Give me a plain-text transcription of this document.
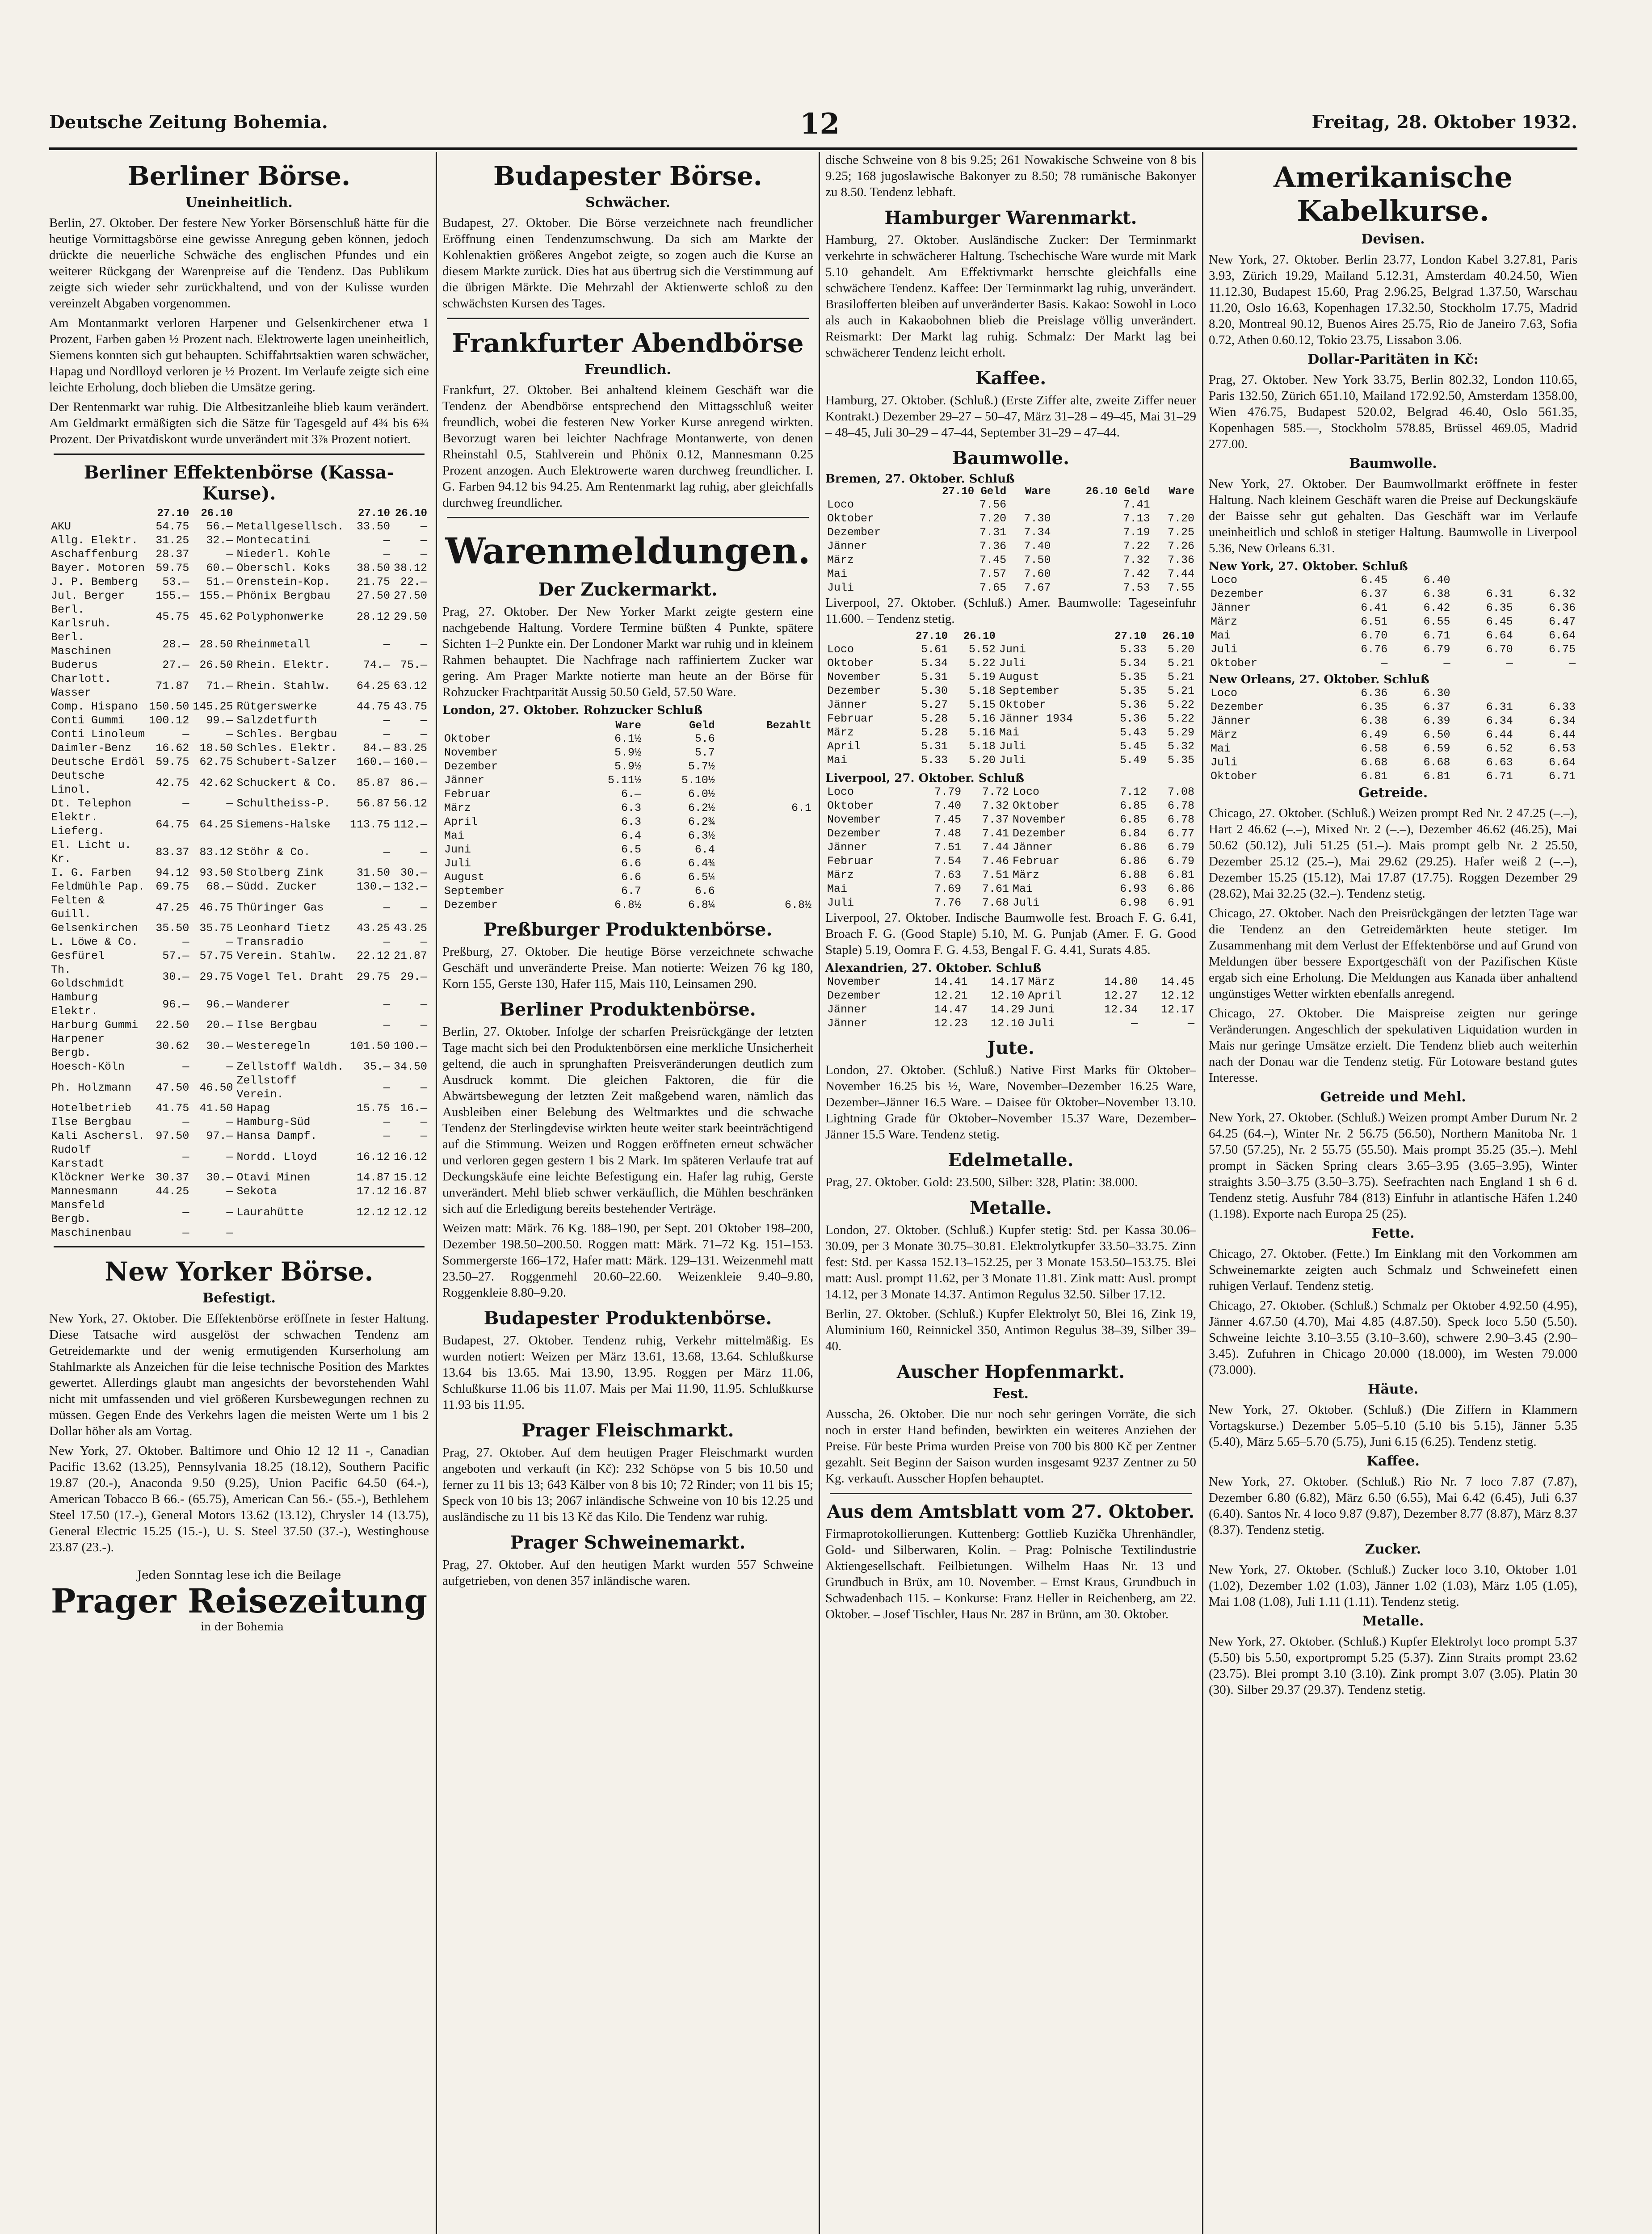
Deutsche Zeitung Bohemia.	12	Freitag, 28. Oktober 1932.
Berliner Börse.
Uneinheitlich.

Berlin, 27. Oktober. Der festere New Yorker Börsenschluß hätte für die heutige Vormittagsbörse eine gewisse Anregung geben können, jedoch drückte die neuerliche Schwäche des englischen Pfundes und ein weiterer Rückgang der Warenpreise auf die Tendenz. Das Publikum zeigte sich wieder sehr zurückhaltend, und von der Kulisse wurden vereinzelt Abgaben vorgenommen.

Am Montanmarkt verloren Harpener und Gelsenkirchener etwa 1 Prozent, Farben gaben ½ Prozent nach. Elektrowerte lagen uneinheitlich, Siemens konnten sich gut behaupten. Schiffahrtsaktien waren schwächer, Hapag und Nordlloyd verloren je ½ Prozent. Im Verlaufe zeigte sich eine leichte Erholung, doch blieben die Umsätze gering.

Der Rentenmarkt war ruhig. Die Altbesitzanleihe blieb kaum verändert. Am Geldmarkt ermäßigten sich die Sätze für Tagesgeld auf 4¾ bis 6¾ Prozent. Der Privatdiskont wurde unverändert mit 3⅞ Prozent notiert.

Berliner Effektenbörse (Kassa-Kurse).
	27.10	26.10		27.10	26.10
AKU	54.75	56.—	Metallgesellsch.	33.50	—
Allg. Elektr.	31.25	32.—	Montecatini	—	—
Aschaffenburg	28.37	—	Niederl. Kohle	—	—
Bayer. Motoren	59.75	60.—	Oberschl. Koks	38.50	38.12
J. P. Bemberg	53.—	51.—	Orenstein-Kop.	21.75	22.—
Jul. Berger	155.—	155.—	Phönix Bergbau	27.50	27.50
Berl. Karlsruh.	45.75	45.62	Polyphonwerke	28.12	29.50
Berl. Maschinen	28.—	28.50	Rheinmetall	—	—
Buderus	27.—	26.50	Rhein. Elektr.	74.—	75.—
Charlott. Wasser	71.87	71.—	Rhein. Stahlw.	64.25	63.12
Comp. Hispano	150.50	145.25	Rütgerswerke	44.75	43.75
Conti Gummi	100.12	99.—	Salzdetfurth	—	—
Conti Linoleum	—	—	Schles. Bergbau	—	—
Daimler-Benz	16.62	18.50	Schles. Elektr.	84.—	83.25
Deutsche Erdöl	59.75	62.75	Schubert-Salzer	160.—	160.—
Deutsche Linol.	42.75	42.62	Schuckert & Co.	85.87	86.—
Dt. Telephon	—	—	Schultheiss-P.	56.87	56.12
Elektr. Lieferg.	64.75	64.25	Siemens-Halske	113.75	112.—
El. Licht u. Kr.	83.37	83.12	Stöhr & Co.	—	—
I. G. Farben	94.12	93.50	Stolberg Zink	31.50	30.—
Feldmühle Pap.	69.75	68.—	Südd. Zucker	130.—	132.—
Felten & Guill.	47.25	46.75	Thüringer Gas	—	—
Gelsenkirchen	35.50	35.75	Leonhard Tietz	43.25	43.25
L. Löwe & Co.	—	—	Transradio	—	—
Gesfürel	57.—	57.75	Verein. Stahlw.	22.12	21.87
Th. Goldschmidt	30.—	29.75	Vogel Tel. Draht	29.75	29.—
Hamburg Elektr.	96.—	96.—	Wanderer	—	—
Harburg Gummi	22.50	20.—	Ilse Bergbau	—	—
Harpener Bergb.	30.62	30.—	Westeregeln	101.50	100.—
Hoesch-Köln	—	—	Zellstoff Waldh.	35.—	34.50
Ph. Holzmann	47.50	46.50	Zellstoff Verein.	—	—
Hotelbetrieb	41.75	41.50	Hapag	15.75	16.—
Ilse Bergbau	—	—	Hamburg-Süd	—	—
Kali Aschersl.	97.50	97.—	Hansa Dampf.	—	—
Rudolf Karstadt	—	—	Nordd. Lloyd	16.12	16.12
Klöckner Werke	30.37	30.—	Otavi Minen	14.87	15.12
Mannesmann	44.25	—	Sekota	17.12	16.87
Mansfeld Bergb.	—	—	Lauraһütte	12.12	12.12
Maschinenbau	—	—			
New Yorker Börse.
Befestigt.

New York, 27. Oktober. Die Effektenbörse eröffnete in fester Haltung. Diese Tatsache wird ausgelöst der schwachen Tendenz am Getreidemarkte und der wenig ermutigenden Kurserholung am Stahlmarkte als Anzeichen für die leise technische Position des Marktes gewertet. Allerdings glaubt man angesichts der bevorstehenden Wahl nicht mit umfassenden und viel größeren Kursbewegungen rechnen zu müssen. Gegen Ende des Verkehrs lagen die meisten Werte um 1 bis 2 Dollar höher als am Vortag.

New York, 27. Oktober. Baltimore und Ohio 12 12 11 -, Canadian Pacific 13.62 (13.25), Pennsylvania 18.25 (18.12), Southern Pacific 19.87 (20.-), Anaconda 9.50 (9.25), Union Pacific 64.50 (64.-), American Tobacco B 66.- (65.75), American Can 56.- (55.-), Bethlehem Steel 17.50 (17.-), General Motors 13.62 (13.12), Chrysler 14 (13.75), General Electric 15.25 (15.-), U. S. Steel 37.50 (37.-), Westinghouse 23.87 (23.-).

Jeden Sonntag lese ich die Beilage
Prager Reisezeitung in der Bohemia
Budapester Börse.
Schwächer.

Budapest, 27. Oktober. Die Börse verzeichnete nach freundlicher Eröffnung einen Tendenzumschwung. Da sich am Markte der Kohlenaktien größeres Angebot zeigte, so zogen auch die Kurse an diesem Markte zurück. Dies hat aus übertrug sich die Verstimmung auf die übrigen Märkte. Die Mehrzahl der Aktienwerte schloß zu den schwächsten Kursen des Tages.

Frankfurter Abendbörse
Freundlich.

Frankfurt, 27. Oktober. Bei anhaltend kleinem Geschäft war die Tendenz der Abendbörse entsprechend den Mittagsschluß weiter freundlich, wobei die festeren New Yorker Kurse anregend wirkten. Bevorzugt waren bei leichter Nachfrage Montanwerte, von denen Rheinstahl 0.5, Stahlverein und Phönix 0.12, Mannesmann 0.25 Prozent anzogen. Auch Elektrowerte waren durchweg freundlicher. I. G. Farben 94.12 bis 94.25. Am Rentenmarkt lag ruhig, aber gleichfalls durchweg freundlicher.

Warenmeldungen.
Der Zuckermarkt.

Prag, 27. Oktober. Der New Yorker Markt zeigte gestern eine nachgebende Haltung. Vordere Termine büßten 4 Punkte, spätere Sichten 1–2 Punkte ein. Der Londoner Markt war ruhig und in kleinem Rahmen behauptet. Die Nachfrage nach raffiniertem Zucker war gering. Am Prager Markte notierte man heute an der Börse für Rohzucker Frachtparität Aussig 50.50 Geld, 57.50 Ware.

London, 27. Oktober. Rohzucker Schluß
	Ware	Geld	Bezahlt
Oktober	6.1½	5.6	
November	5.9½	5.7	
Dezember	5.9½	5.7½	
Jänner	5.11½	5.10½	
Februar	6.—	6.0½	
März	6.3	6.2½	6.1
April	6.3	6.2¾	
Mai	6.4	6.3½	
Juni	6.5	6.4	
Juli	6.6	6.4¾	
August	6.6	6.5¼	
September	6.7	6.6	
Dezember	6.8½	6.8¼	6.8½
Preßburger Produktenbörse.

Preßburg, 27. Oktober. Die heutige Börse verzeichnete schwache Geschäft und unveränderte Preise. Man notierte: Weizen 76 kg 180, Korn 155, Gerste 130, Hafer 115, Mais 110, Leinsamen 290.

Berliner Produktenbörse.

Berlin, 27. Oktober. Infolge der scharfen Preisrückgänge der letzten Tage macht sich bei den Produktenbörsen eine merkliche Unsicherheit geltend, die auch in sprunghaften Preisveränderungen deutlich zum Ausdruck kommt. Die gleichen Faktoren, die für die Abwärtsbewegung der letzten Zeit maßgebend waren, nämlich das Ausbleiben einer Belebung des Weltmarktes und die schwache Tendenz der Sterlingdevise wirkten heute weiter stark beeinträchtigend auf die Stimmung. Weizen und Roggen eröffneten erneut schwächer und verloren gegen gestern 1 bis 2 Mark. Im späteren Verlaufe trat auf Deckungskäufe eine leichte Befestigung ein. Hafer lag ruhig, Gerste unverändert. Mehl blieb schwer verkäuflich, die Mühlen beschränken sich auf die Erledigung bereits bestehender Verträge.

Weizen matt: Märk. 76 Kg. 188–190, per Sept. 201 Oktober 198–200, Dezember 198.50–200.50. Roggen matt: Märk. 71–72 Kg. 151–153. Sommergerste 166–172, Hafer matt: Märk. 129–131. Weizenmehl matt 23.50–27. Roggenmehl 20.60–22.60. Weizenkleie 9.40–9.80, Roggenkleie 8.80–9.20.

Budapester Produktenbörse.

Budapest, 27. Oktober. Tendenz ruhig, Verkehr mittelmäßig. Es wurden notiert: Weizen per März 13.61, 13.68, 13.64. Schlußkurse 13.64 bis 13.65. Mai 13.90, 13.95. Roggen per März 11.06, Schlußkurse 11.06 bis 11.07. Mais per Mai 11.90, 11.95. Schlußkurse 11.93 bis 11.95.

Prager Fleischmarkt.

Prag, 27. Oktober. Auf dem heutigen Prager Fleischmarkt wurden angeboten und verkauft (in Kč): 232 Schöpse von 5 bis 10.50 und ferner zu 11 bis 13; 643 Kälber von 8 bis 10; 72 Rinder; von 11 bis 15; Speck von 10 bis 13; 2067 inländische Schweine von 10 bis 12.25 und ausländische zu 11 bis 13 Kč das Kilo. Die Tendenz war ruhig.

Prager Schweinemarkt.

Prag, 27. Oktober. Auf den heutigen Markt wurden 557 Schweine aufgetrieben, von denen 357 inländische waren.

dische Schweine von 8 bis 9.25; 261 Nowakische Schweine von 8 bis 9.25; 168 jugoslawische Bakonyer zu 8.50; 78 rumänische Bakonyer zu 8.50. Tendenz lebhaft.

Hamburger Warenmarkt.

Hamburg, 27. Oktober. Ausländische Zucker: Der Terminmarkt verkehrte in schwächerer Haltung. Tschechische Ware wurde mit Mark 5.10 gehandelt. Am Effektivmarkt herrschte gleichfalls eine schwächere Tendenz. Kaffee: Der Terminmarkt lag ruhig, unverändert. Brasilofferten bleiben auf unveränderter Basis. Kakao: Sowohl in Loco als auch in Kakaobohnen blieb die Preislage völlig unverändert. Reismarkt: Der Markt lag ruhig. Schmalz: Der Markt lag bei schwächerer Tendenz leicht erholt.

Kaffee.

Hamburg, 27. Oktober. (Schluß.) (Erste Ziffer alte, zweite Ziffer neuer Kontrakt.) Dezember 29–27 – 50–47, März 31–28 – 49–45, Mai 31–29 – 48–45, Juli 30–29 – 47–44, September 31–29 – 47–44.

Baumwolle.
Bremen, 27. Oktober. Schluß
	27.10 Geld	Ware	26.10 Geld	Ware
Loco	7.56		7.41	
Oktober	7.20	7.30	7.13	7.20
Dezember	7.31	7.34	7.19	7.25
Jänner	7.36	7.40	7.22	7.26
März	7.45	7.50	7.32	7.36
Mai	7.57	7.60	7.42	7.44
Juli	7.65	7.67	7.53	7.55

Liverpool, 27. Oktober. (Schluß.) Amer. Baumwolle: Tageseinfuhr 11.600. – Tendenz stetig.

	27.10	26.10		27.10	26.10
Loco	5.61	5.52	Juni	5.33	5.20
Oktober	5.34	5.22	Juli	5.34	5.21
November	5.31	5.19	August	5.35	5.21
Dezember	5.30	5.18	September	5.35	5.21
Jänner	5.27	5.15	Oktober	5.36	5.22
Februar	5.28	5.16	Jänner 1934	5.36	5.22
März	5.28	5.16	Mai	5.43	5.29
April	5.31	5.18	Juli	5.45	5.32
Mai	5.33	5.20	Juli	5.49	5.35
Liverpool, 27. Oktober. Schluß
Loco	7.79	7.72	Loco	7.12	7.08
Oktober	7.40	7.32	Oktober	6.85	6.78
November	7.45	7.37	November	6.85	6.78
Dezember	7.48	7.41	Dezember	6.84	6.77
Jänner	7.51	7.44	Jänner	6.86	6.79
Februar	7.54	7.46	Februar	6.86	6.79
März	7.63	7.51	März	6.88	6.81
Mai	7.69	7.61	Mai	6.93	6.86
Juli	7.76	7.68	Juli	6.98	6.91

Liverpool, 27. Oktober. Indische Baumwolle fest. Broach F. G. 6.41, Broach F. G. (Good Staple) 5.10, M. G. Punjab (Amer. F. G. Good Staple) 5.19, Oomra F. G. 4.53, Bengal F. G. 4.41, Surats 4.85.

Alexandrien, 27. Oktober. Schluß
November	14.41	14.17	März	14.80	14.45
Dezember	12.21	12.10	April	12.27	12.12
Jänner	14.47	14.29	Juni	12.34	12.17
Jänner	12.23	12.10	Juli	—	—
Jute.

London, 27. Oktober. (Schluß.) Native First Marks für Oktober–November 16.25 bis ½, Ware, November–Dezember 16.25 Ware, Dezember–Jänner 16.5 Ware. – Daisee für Oktober–November 13.10. Lightning Grade für Oktober–November 15.37 Ware, Dezember–Jänner 15.5 Ware. Tendenz stetig.

Edelmetalle.

Prag, 27. Oktober. Gold: 23.500, Silber: 328, Platin: 38.000.

Metalle.

London, 27. Oktober. (Schluß.) Kupfer stetig: Std. per Kassa 30.06–30.09, per 3 Monate 30.75–30.81. Elektrolytkupfer 33.50–33.75. Zinn fest: Std. per Kassa 152.13–152.25, per 3 Monate 153.50–153.75. Blei matt: Ausl. prompt 11.62, per 3 Monate 11.81. Zink matt: Ausl. prompt 14.12, per 3 Monate 14.37. Antimon Regulus 32.50. Silber 17.12.

Berlin, 27. Oktober. (Schluß.) Kupfer Elektrolyt 50, Blei 16, Zink 19, Aluminium 160, Reinnickel 350, Antimon Regulus 38–39, Silber 39–40.

Auscher Hopfenmarkt.
Fest.

Ausscha, 26. Oktober. Die nur noch sehr geringen Vorräte, die sich noch in erster Hand befinden, bewirkten ein weiteres Anziehen der Preise. Für beste Prima wurden Preise von 700 bis 800 Kč per Zentner gezahlt. Seit Beginn der Saison wurden insgesamt 9237 Zentner zu 50 Kg. verkauft. Ausscher Hopfen behauptet.

Aus dem Amtsblatt vom 27. Oktober.

Firmaprotokollierungen. Kuttenberg: Gottlieb Kuzička Uhrenhändler, Gold- und Silberwaren, Kolin. – Prag: Polnische Textilindustrie Aktiengesellschaft. Feilbietungen. Wilhelm Haas Nr. 13 und Grundbuch in Brüx, am 10. November. – Ernst Kraus, Grundbuch in Schwadenbach 115. – Konkurse: Franz Heller in Reichenberg, am 22. Oktober. – Josef Tischler, Haus Nr. 287 in Brünn, am 30. Oktober.

Amerikanische Kabelkurse.
Devisen.

New York, 27. Oktober. Berlin 23.77, London Kabel 3.27.81, Paris 3.93, Zürich 19.29, Mailand 5.12.31, Amsterdam 40.24.50, Wien 11.12.30, Budapest 15.60, Prag 2.96.25, Belgrad 1.37.50, Warschau 11.20, Oslo 16.63, Kopenhagen 17.32.50, Stockholm 17.75, Madrid 8.20, Montreal 90.12, Buenos Aires 25.75, Rio de Janeiro 7.63, Sofia 0.72, Athen 0.60.12, Tokio 23.75, Lissabon 3.06.

Dollar-Paritäten in Kč:

Prag, 27. Oktober. New York 33.75, Berlin 802.32, London 110.65, Paris 132.50, Zürich 651.10, Mailand 172.92.50, Amsterdam 1358.00, Wien 476.75, Budapest 520.02, Belgrad 46.40, Oslo 561.35, Kopenhagen 585.—, Stockholm 578.85, Brüssel 469.05, Madrid 277.00.

Baumwolle.

New York, 27. Oktober. Der Baumwollmarkt eröffnete in fester Haltung. Nach kleinem Geschäft waren die Preise auf Deckungskäufe der Baisse sehr gut gehalten. Das Geschäft war im Verlaufe uneinheitlich und schloß in stetiger Haltung. Baumwolle in Liverpool 5.36, New Orleans 6.31.

New York, 27. Oktober. Schluß
Loco	6.45	6.40		
Dezember	6.37	6.38	6.31	6.32
Jänner	6.41	6.42	6.35	6.36
März	6.51	6.55	6.45	6.47
Mai	6.70	6.71	6.64	6.64
Juli	6.76	6.79	6.70	6.75
Oktober	—	—	—	—
New Orleans, 27. Oktober. Schluß
Loco	6.36	6.30		
Dezember	6.35	6.37	6.31	6.33
Jänner	6.38	6.39	6.34	6.34
März	6.49	6.50	6.44	6.44
Mai	6.58	6.59	6.52	6.53
Juli	6.68	6.68	6.63	6.64
Oktober	6.81	6.81	6.71	6.71
Getreide.

Chicago, 27. Oktober. (Schluß.) Weizen prompt Red Nr. 2 47.25 (–.–), Hart 2 46.62 (–.–), Mixed Nr. 2 (–.–), Dezember 46.62 (46.25), Mai 50.62 (50.12), Juli 51.25 (51.–). Mais prompt gelb Nr. 2 25.50, Dezember 25.12 (25.–), Mai 29.62 (29.25). Hafer weiß 2 (–.–), Dezember 15.25 (15.12), Mai 17.87 (17.75). Roggen Dezember 29 (28.62), Mai 32.25 (32.–). Tendenz stetig.

Chicago, 27. Oktober. Nach den Preisrückgängen der letzten Tage war die Tendenz an den Getreidemärkten heute stetiger. Im Zusammenhang mit dem Verlust der Effektenbörse und auf Grund von Meldungen über bessere Exportgeschäft von der Pazifischen Küste ergab sich eine Erholung. Die Meldungen aus Kanada über anhaltend ungünstiges Wetter wirkten ebenfalls anregend.

Chicago, 27. Oktober. Die Maispreise zeigten nur geringe Veränderungen. Angeschlich der spekulativen Liquidation wurden in Mais nur geringe Umsätze erzielt. Die Tendenz blieb auch weiterhin nach der Donau war die Tendenz stetig. Für Lotoware bestand gutes Interesse.

Getreide und Mehl.

New York, 27. Oktober. (Schluß.) Weizen prompt Amber Durum Nr. 2 64.25 (64.–), Winter Nr. 2 56.75 (56.50), Northern Manitoba Nr. 1 57.50 (57.25), Nr. 2 55.75 (55.50). Mais prompt 35.25 (35.–). Mehl prompt in Säcken Spring clears 3.65–3.95 (3.65–3.95), Winter straights 3.50–3.75 (3.50–3.75). Seefrachten nach England 1 sh 6 d. Tendenz stetig. Ausfuhr 784 (813) Einfuhr in atlantische Häfen 1.240 (1.198). Exporte nach Europa 25 (25).

Fette.

Chicago, 27. Oktober. (Fette.) Im Einklang mit den Vorkommen am Schweinemarkte zeigten auch Schmalz und Schweinefett einen ruhigen Verlauf. Tendenz stetig.

Chicago, 27. Oktober. (Schluß.) Schmalz per Oktober 4.92.50 (4.95), Jänner 4.67.50 (4.70), Mai 4.85 (4.87.50). Speck loco 5.50 (5.50). Schweine leichte 3.10–3.55 (3.10–3.60), schwere 2.90–3.45 (2.90–3.45). Zufuhren in Chicago 20.000 (18.000), im Westen 79.000 (73.000).

Häute.

New York, 27. Oktober. (Schluß.) (Die Ziffern in Klammern Vortagskurse.) Dezember 5.05–5.10 (5.10 bis 5.15), Jänner 5.35 (5.40), März 5.65–5.70 (5.75), Juni 6.15 (6.25). Tendenz stetig.

Kaffee.

New York, 27. Oktober. (Schluß.) Rio Nr. 7 loco 7.87 (7.87), Dezember 6.80 (6.82), März 6.50 (6.55), Mai 6.42 (6.45), Juli 6.37 (6.40). Santos Nr. 4 loco 9.87 (9.87), Dezember 8.77 (8.87), März 8.37 (8.37). Tendenz stetig.

Zucker.

New York, 27. Oktober. (Schluß.) Zucker loco 3.10, Oktober 1.01 (1.02), Dezember 1.02 (1.03), Jänner 1.02 (1.03), März 1.05 (1.05), Mai 1.08 (1.08), Juli 1.11 (1.11). Tendenz stetig.

Metalle.

New York, 27. Oktober. (Schluß.) Kupfer Elektrolyt loco prompt 5.37 (5.50) bis 5.50, exportprompt 5.25 (5.37). Zinn Straits prompt 23.62 (23.75). Blei prompt 3.10 (3.10). Zink prompt 3.07 (3.05). Platin 30 (30). Silber 29.37 (29.37). Tendenz stetig.
